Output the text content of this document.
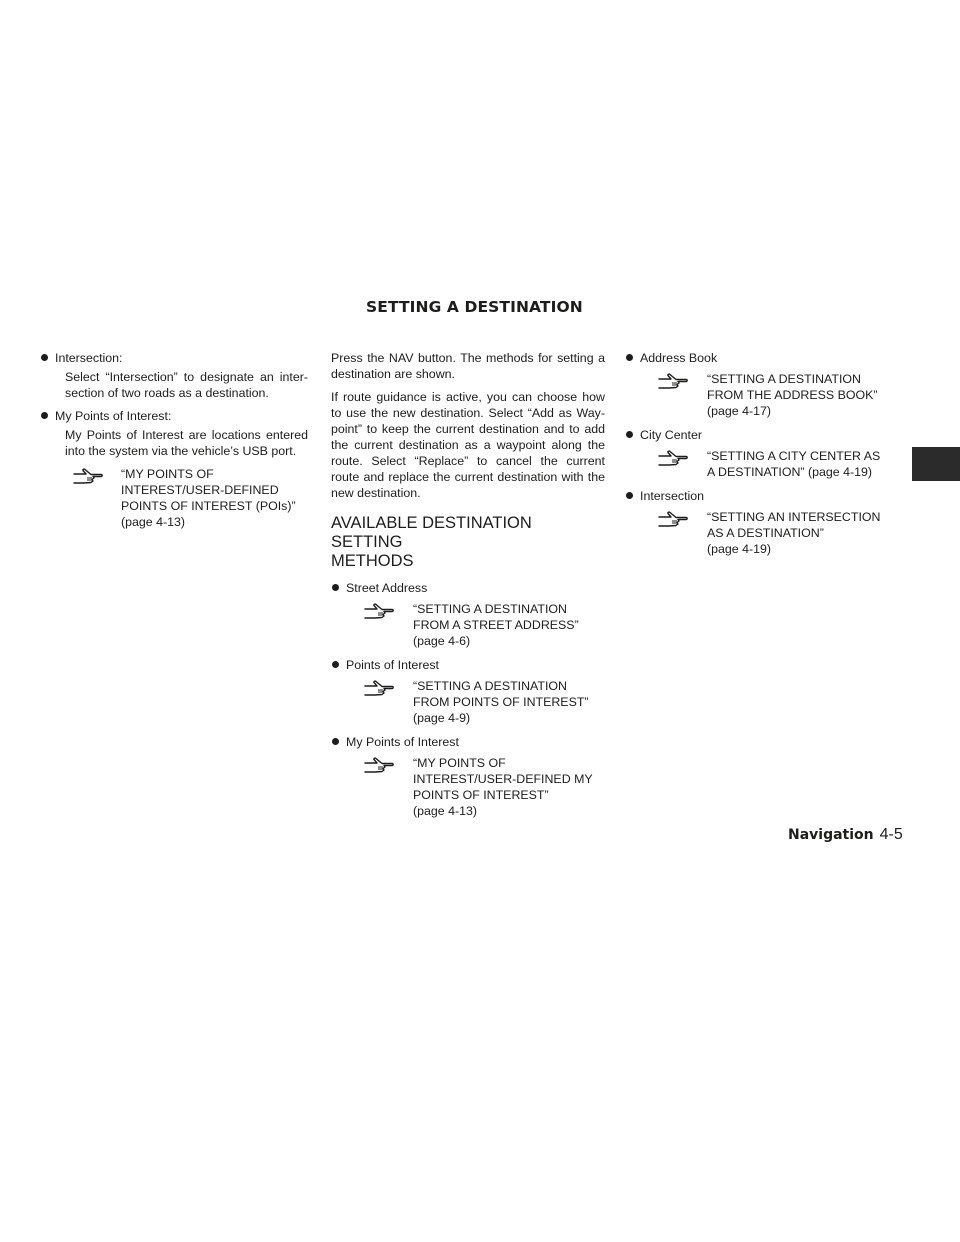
SETTING A DESTINATION
Intersection:
Select “Intersection” to designate an inter-section of two roads as a destination.
My Points of Interest:
My Points of Interest are locations entered into the system via the vehicle’s USB port.
“MY POINTS OF
INTEREST/USER-DEFINED
POINTS OF INTEREST (POIs)”
(page 4-13)

Press the NAV button. The methods for setting a destination are shown.

If route guidance is active, you can choose how to use the new destination. Select “Add as Way-point” to keep the current destination and to add the current destination as a waypoint along the route. Select “Replace” to cancel the current route and replace the current destination with the new destination.

AVAILABLE DESTINATION SETTING
METHODS
Street Address
“SETTING A DESTINATION
FROM A STREET ADDRESS”
(page 4-6)
Points of Interest
“SETTING A DESTINATION
FROM POINTS OF INTEREST”
(page 4-9)
My Points of Interest
“MY POINTS OF
INTEREST/USER-DEFINED MY
POINTS OF INTEREST”
(page 4-13)
Address Book
“SETTING A DESTINATION
FROM THE ADDRESS BOOK”
(page 4-17)
City Center
“SETTING A CITY CENTER AS
A DESTINATION” (page 4-19)
Intersection
“SETTING AN INTERSECTION
AS A DESTINATION”
(page 4-19)
Navigation 4-5
